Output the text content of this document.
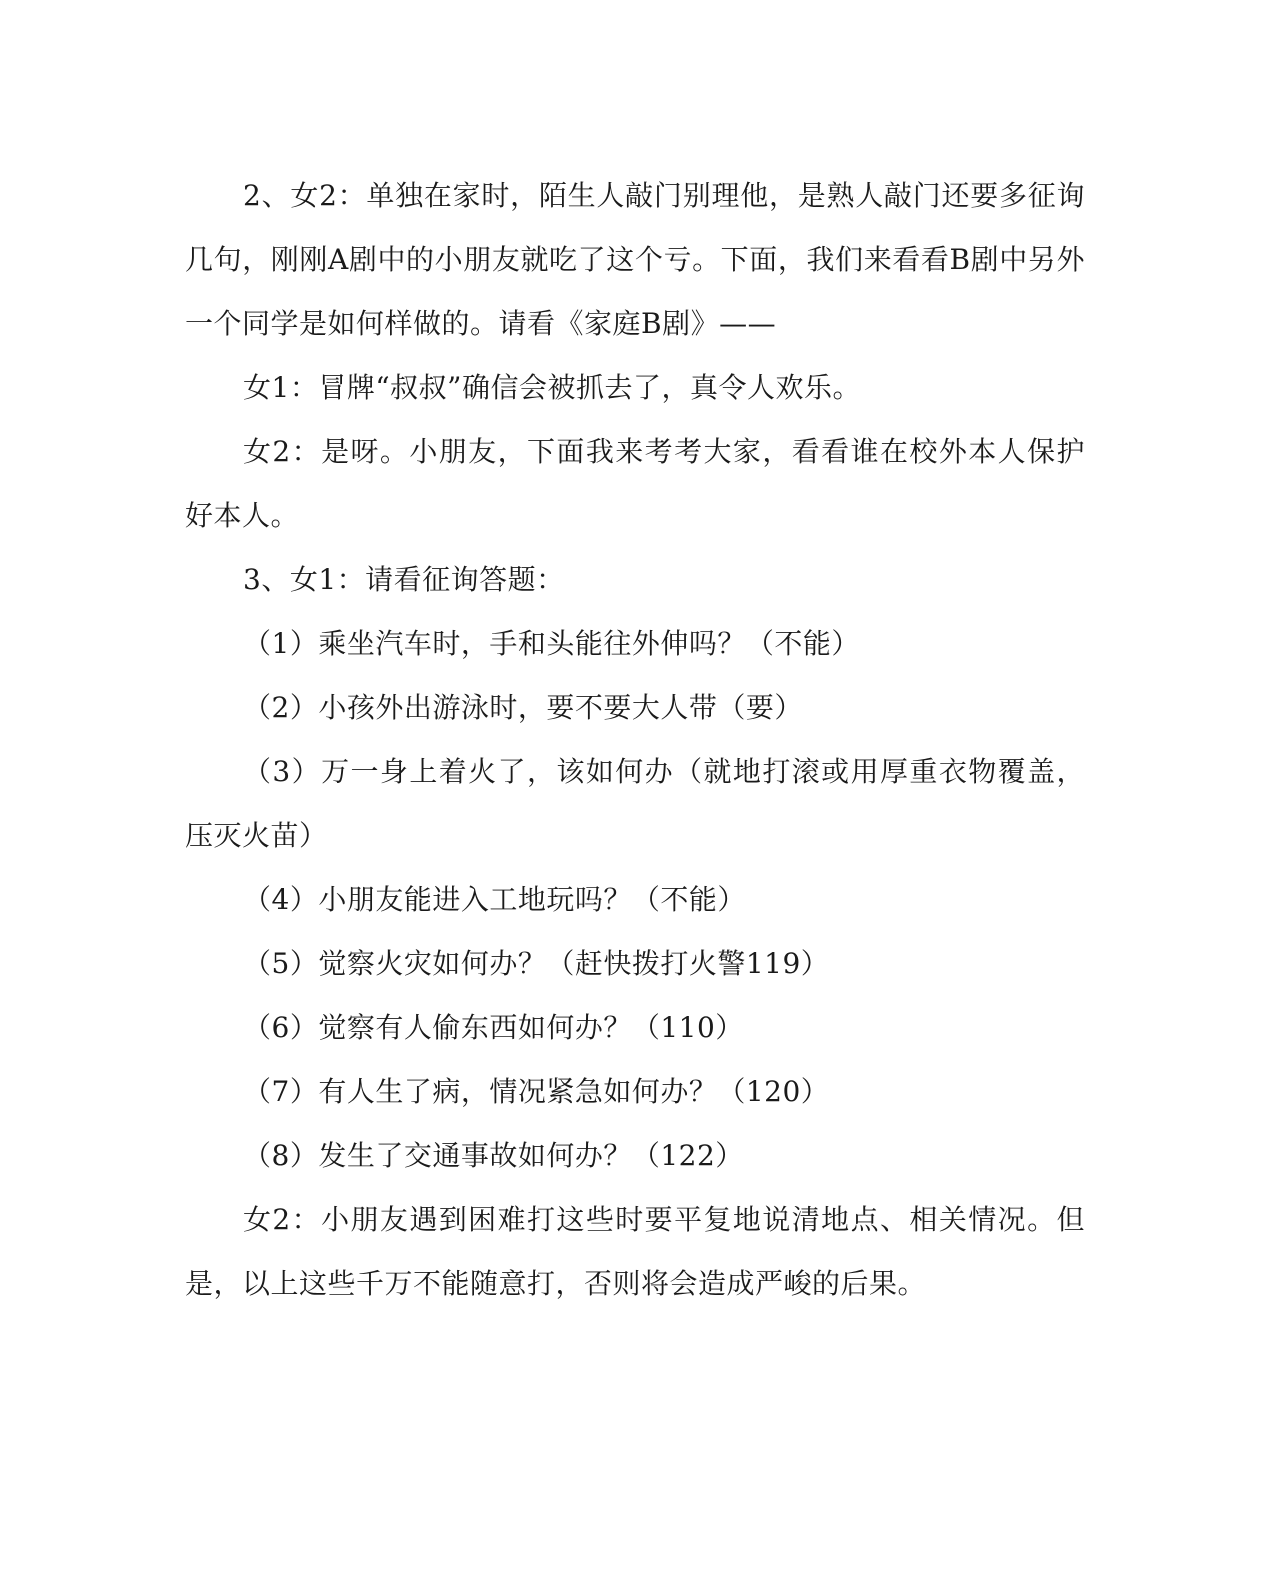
2、女2：单独在家时，陌生人敲门别理他，是熟人敲门还要多征询几句，刚刚A剧中的小朋友就吃了这个亏。下面，我们来看看B剧中另外一个同学是如何样做的。请看《家庭B剧》——

女1：冒牌“叔叔”确信会被抓去了，真令人欢乐。

女2：是呀。小朋友，下面我来考考大家，看看谁在校外本人保护好本人。

3、女1：请看征询答题：

（1）乘坐汽车时，手和头能往外伸吗？（不能）

（2）小孩外出游泳时，要不要大人带（要）

（3）万一身上着火了，该如何办（就地打滚或用厚重衣物覆盖，压灭火苗）

（4）小朋友能进入工地玩吗？（不能）

（5）觉察火灾如何办？（赶快拨打火警119）

（6）觉察有人偷东西如何办？（110）

（7）有人生了病，情况紧急如何办？（120）

（8）发生了交通事故如何办？（122）

女2：小朋友遇到困难打这些时要平复地说清地点、相关情况。但是，以上这些千万不能随意打，否则将会造成严峻的后果。
